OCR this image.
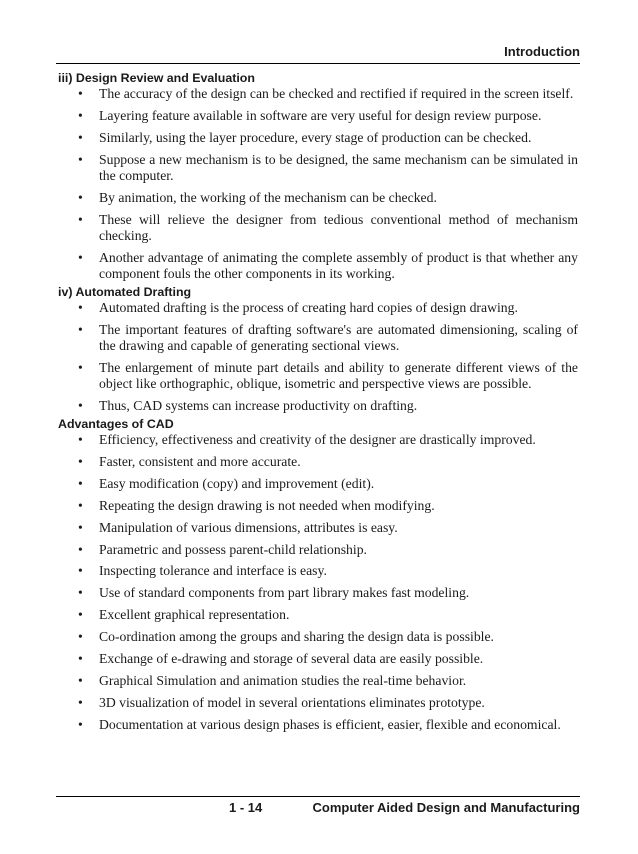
Introduction

iii) Design Review and Evaluation

• The accuracy of the design can be checked and rectified if required in the screen itself.
• Layering feature available in software are very useful for design review purpose.
• Similarly, using the layer procedure, every stage of production can be checked.
• Suppose a new mechanism is to be designed, the same mechanism can be simulated in the computer.
• By animation, the working of the mechanism can be checked.
• These will relieve the designer from tedious conventional method of mechanism checking.
• Another advantage of animating the complete assembly of product is that whether any component fouls the other components in its working.

iv) Automated Drafting

• Automated drafting is the process of creating hard copies of design drawing.
• The important features of drafting software's are automated dimensioning, scaling of the drawing and capable of generating sectional views.
• The enlargement of minute part details and ability to generate different views of the object like orthographic, oblique, isometric and perspective views are possible.
• Thus, CAD systems can increase productivity on drafting.

Advantages of CAD

• Efficiency, effectiveness and creativity of the designer are drastically improved.
• Faster, consistent and more accurate.
• Easy modification (copy) and improvement (edit).
• Repeating the design drawing is not needed when modifying.
• Manipulation of various dimensions, attributes is easy.
• Parametric and possess parent-child relationship.
• Inspecting tolerance and interface is easy.
• Use of standard components from part library makes fast modeling.
• Excellent graphical representation.
• Co-ordination among the groups and sharing the design data is possible.
• Exchange of e-drawing and storage of several data are easily possible.
• Graphical Simulation and animation studies the real-time behavior.
• 3D visualization of model in several orientations eliminates prototype.
• Documentation at various design phases is efficient, easier, flexible and economical.
1 - 14	Computer Aided Design and Manufacturing
